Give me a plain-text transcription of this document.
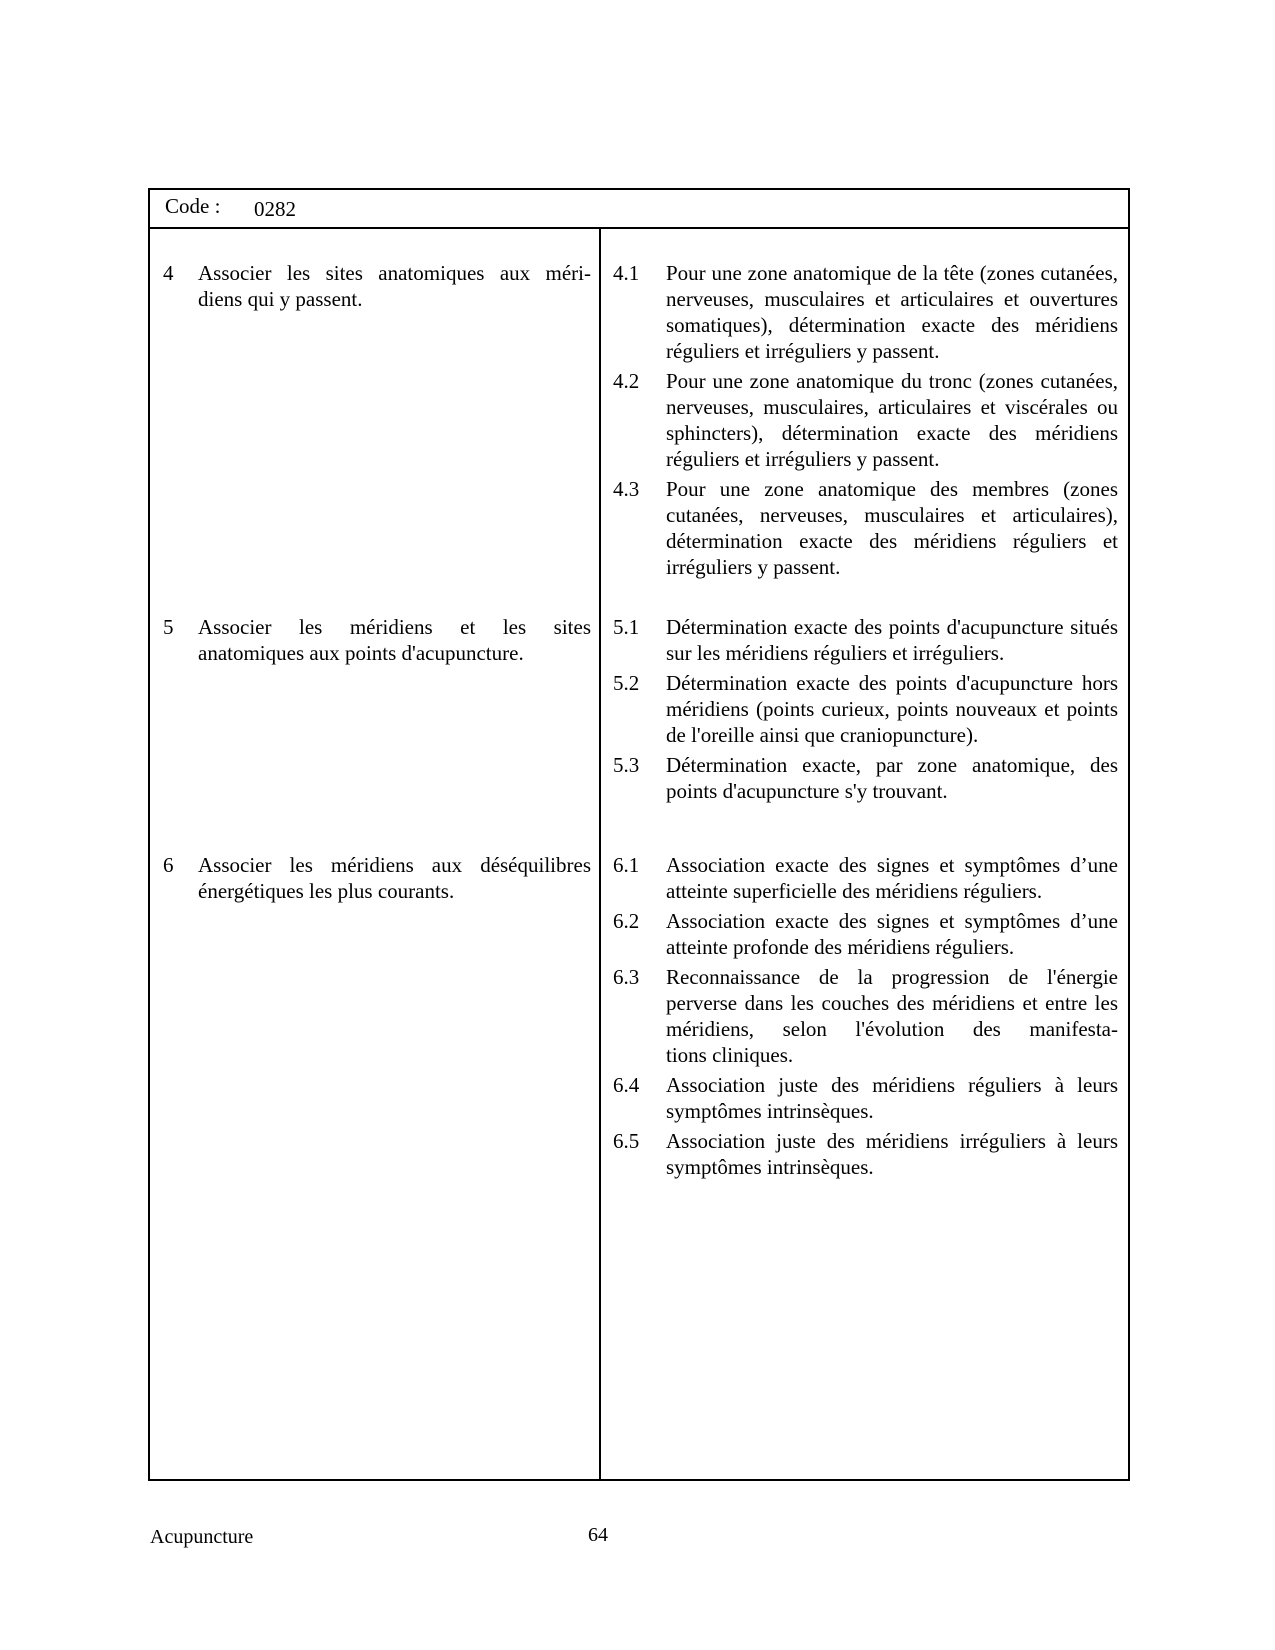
Code : 0282
4 Associer les sites anatomiques aux méri-
diens qui y passent.
4.1 Pour une zone anatomique de la tête (zones cutanées, nerveuses, musculaires et articulaires et ouvertures somatiques), détermination exacte des méridiens réguliers et irréguliers y passent.
4.2 Pour une zone anatomique du tronc (zones cutanées, nerveuses, musculaires, articulaires et viscérales ou sphincters), détermination exacte des méridiens réguliers et irréguliers y passent.
4.3 Pour une zone anatomique des membres (zones cutanées, nerveuses, musculaires et articulaires), détermination exacte des méridiens réguliers et irréguliers y passent.
5 Associer les méridiens et les sites anatomiques aux points d'acupuncture.
5.1 Détermination exacte des points d'acupuncture situés sur les méridiens réguliers et irréguliers.
5.2 Détermination exacte des points d'acupuncture hors méridiens (points curieux, points nouveaux et points de l'oreille ainsi que craniopuncture).
5.3 Détermination exacte, par zone anatomique, des points d'acupuncture s'y trouvant.
6 Associer les méridiens aux déséquilibres énergétiques les plus courants.
6.1 Association exacte des signes et symptômes d’une atteinte superficielle des méridiens réguliers.
6.2 Association exacte des signes et symptômes d’une atteinte profonde des méridiens réguliers.
6.3 Reconnaissance de la progression de l'énergie perverse dans les couches des méridiens et entre les méridiens, selon l'évolution des manifesta-
tions cliniques.
6.4 Association juste des méridiens réguliers à leurs symptômes intrinsèques.
6.5 Association juste des méridiens irréguliers à leurs symptômes intrinsèques.
Acupuncture	64
